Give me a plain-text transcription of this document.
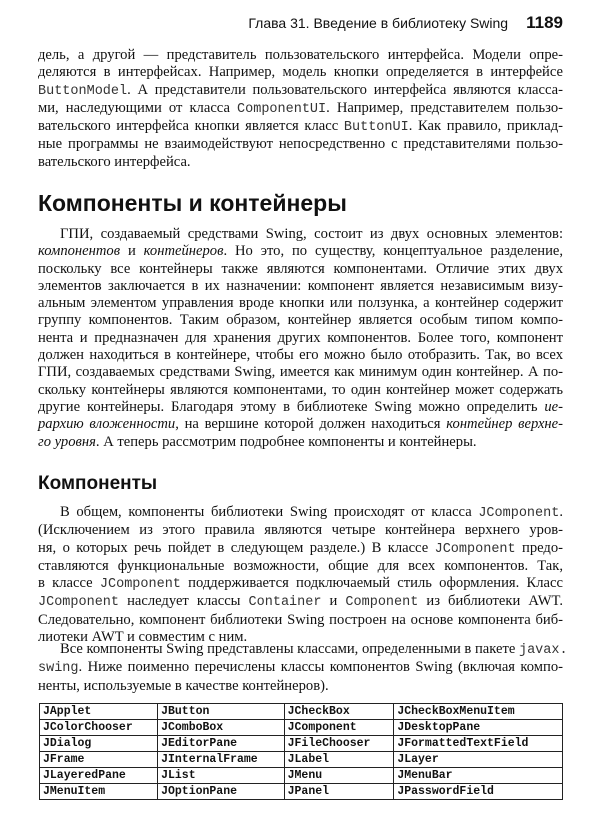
Глава 31. Введение в библиотеку Swing 1189
дель, а другой — представитель пользовательского интерфейса. Модели опре-
деляются в интерфейсах. Например, модель кнопки определяется в интерфейсе
ButtonModel. А представители пользовательского интерфейса являются класса-
ми, наследующими от класса ComponentUI. Например, представителем пользо-
вательского интерфейса кнопки является класс ButtonUI. Как правило, приклад-
ные программы не взаимодействуют непосредственно с представителями пользо-
вательского интерфейса.
Компоненты и контейнеры
ГПИ, создаваемый средствами Swing, состоит из двух основных элементов:
компонентов и контейнеров. Но это, по существу, концептуальное разделение,
поскольку все контейнеры также являются компонентами. Отличие этих двух
элементов заключается в их назначении: компонент является независимым визу-
альным элементом управления вроде кнопки или ползунка, а контейнер содержит
группу компонентов. Таким образом, контейнер является особым типом компо-
нента и предназначен для хранения других компонентов. Более того, компонент
должен находиться в контейнере, чтобы его можно было отобразить. Так, во всех
ГПИ, создаваемых средствами Swing, имеется как минимум один контейнер. А по-
скольку контейнеры являются компонентами, то один контейнер может содержать
другие контейнеры. Благодаря этому в библиотеке Swing можно определить ие-
рархию вложенности, на вершине которой должен находиться контейнер верхне-
го уровня. А теперь рассмотрим подробнее компоненты и контейнеры.
Компоненты
В общем, компоненты библиотеки Swing происходят от класса JComponent.
(Исключением из этого правила являются четыре контейнера верхнего уров-
ня, о которых речь пойдет в следующем разделе.) В классе JComponent предо-
ставляются функциональные возможности, общие для всех компонентов. Так,
в классе JComponent поддерживается подключаемый стиль оформления. Класс
JComponent наследует классы Container и Component из библиотеки AWT.
Следовательно, компонент библиотеки Swing построен на основе компонента биб-
лиотеки AWT и совместим с ним.
Все компоненты Swing представлены классами, определенными в пакете javax.
swing. Ниже поименно перечислены классы компонентов Swing (включая компо-
ненты, используемые в качестве контейнеров).
JApplet	JButton	JCheckBox	JCheckBoxMenuItem
JColorChooser	JComboBox	JComponent	JDesktopPane
JDialog	JEditorPane	JFileChooser	JFormattedTextField
JFrame	JInternalFrame	JLabel	JLayer
JLayeredPane	JList	JMenu	JMenuBar
JMenuItem	JOptionPane	JPanel	JPasswordField
